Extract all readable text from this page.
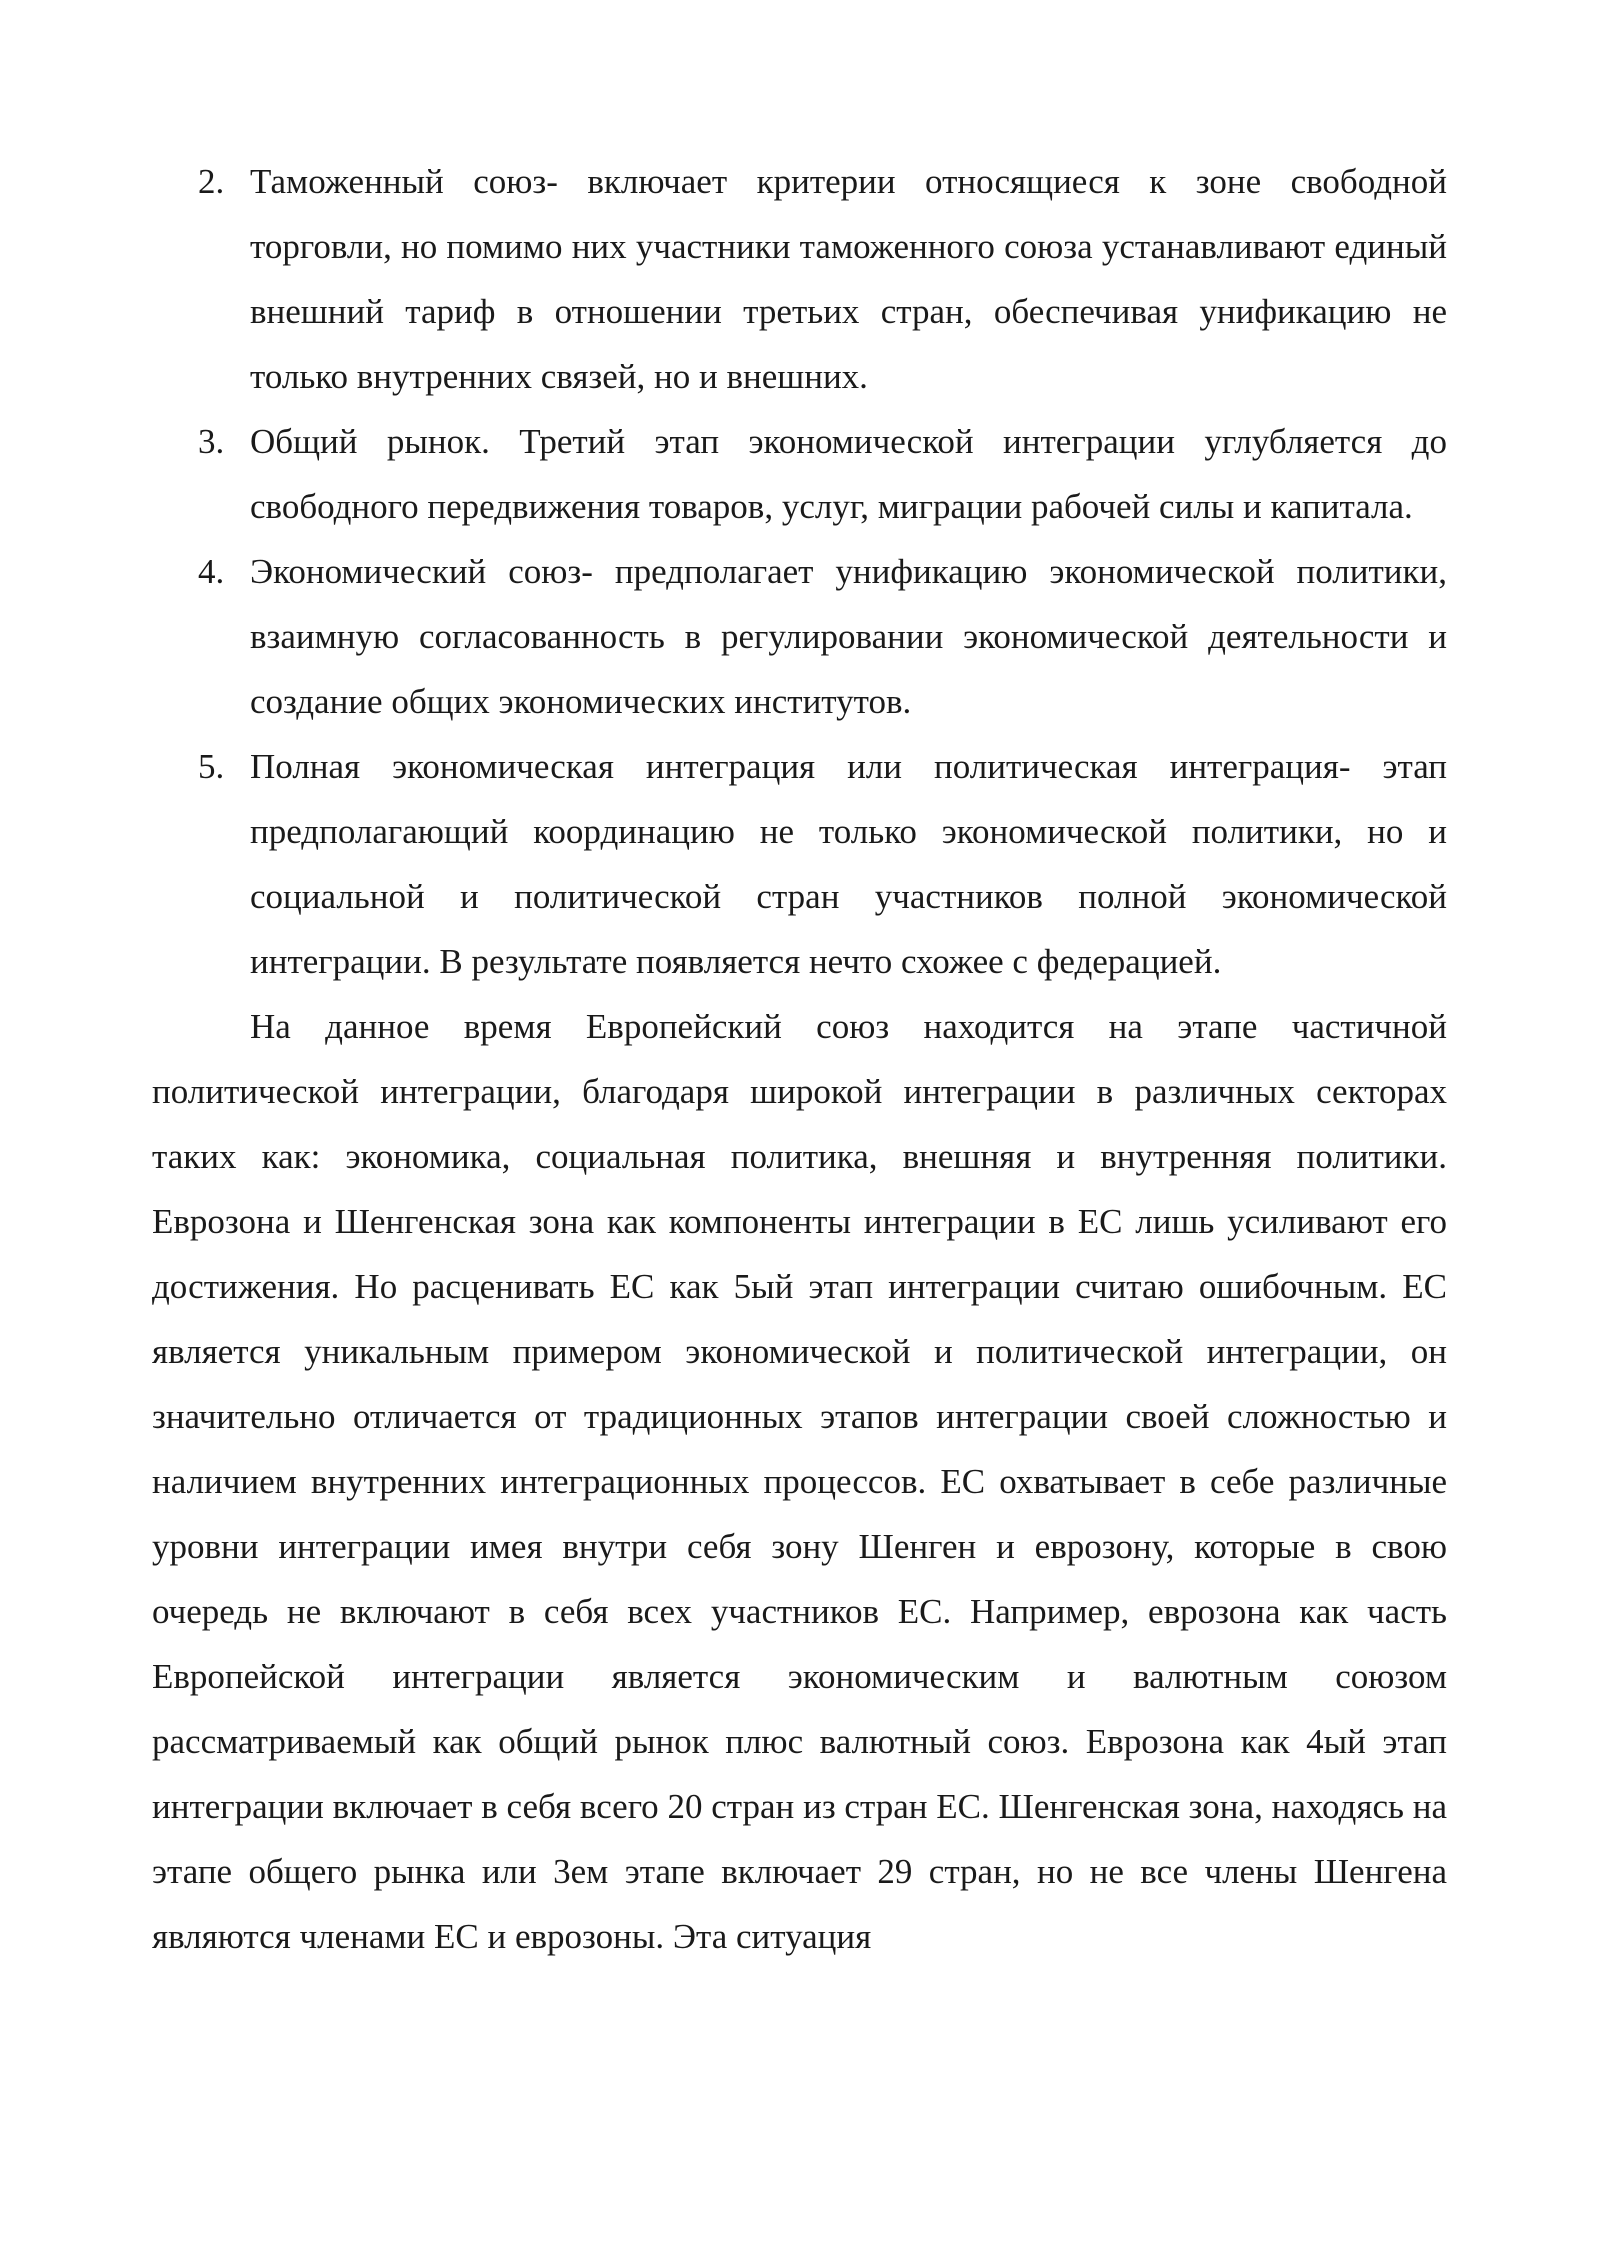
2. Таможенный союз- включает критерии относящиеся к зоне свободной торговли, но помимо них участники таможенного союза устанавливают единый внешний тариф в отношении третьих стран, обеспечивая унификацию не только внутренних связей, но и внешних.
3. Общий рынок. Третий этап экономической интеграции углубляется до свободного передвижения товаров, услуг, миграции рабочей силы и капитала.
4. Экономический союз- предполагает унификацию экономической политики, взаимную согласованность в регулировании экономической деятельности и создание общих экономических институтов.
5. Полная экономическая интеграция или политическая интеграция- этап предполагающий координацию не только экономической политики, но и социальной и политической стран участников полной экономической интеграции. В результате появляется нечто схожее с федерацией.

На данное время Европейский союз находится на этапе частичной политической интеграции, благодаря широкой интеграции в различных секторах таких как: экономика, социальная политика, внешняя и внутренняя политики. Еврозона и Шенгенская зона как компоненты интеграции в ЕС лишь усиливают его достижения. Но расценивать ЕС как 5ый этап интеграции считаю ошибочным. ЕС является уникальным примером экономической и политической интеграции, он значительно отличается от традиционных этапов интеграции своей сложностью и наличием внутренних интеграционных процессов. ЕС охватывает в себе различные уровни интеграции имея внутри себя зону Шенген и еврозону, которые в свою очередь не включают в себя всех участников ЕС. Например, еврозона как часть Европейской интеграции является экономическим и валютным союзом рассматриваемый как общий рынок плюс валютный союз. Еврозона как 4ый этап интеграции включает в себя всего 20 стран из стран ЕС. Шенгенская зона, находясь на этапе общего рынка или 3ем этапе включает 29 стран, но не все члены Шенгена являются членами ЕС и еврозоны. Эта ситуация
